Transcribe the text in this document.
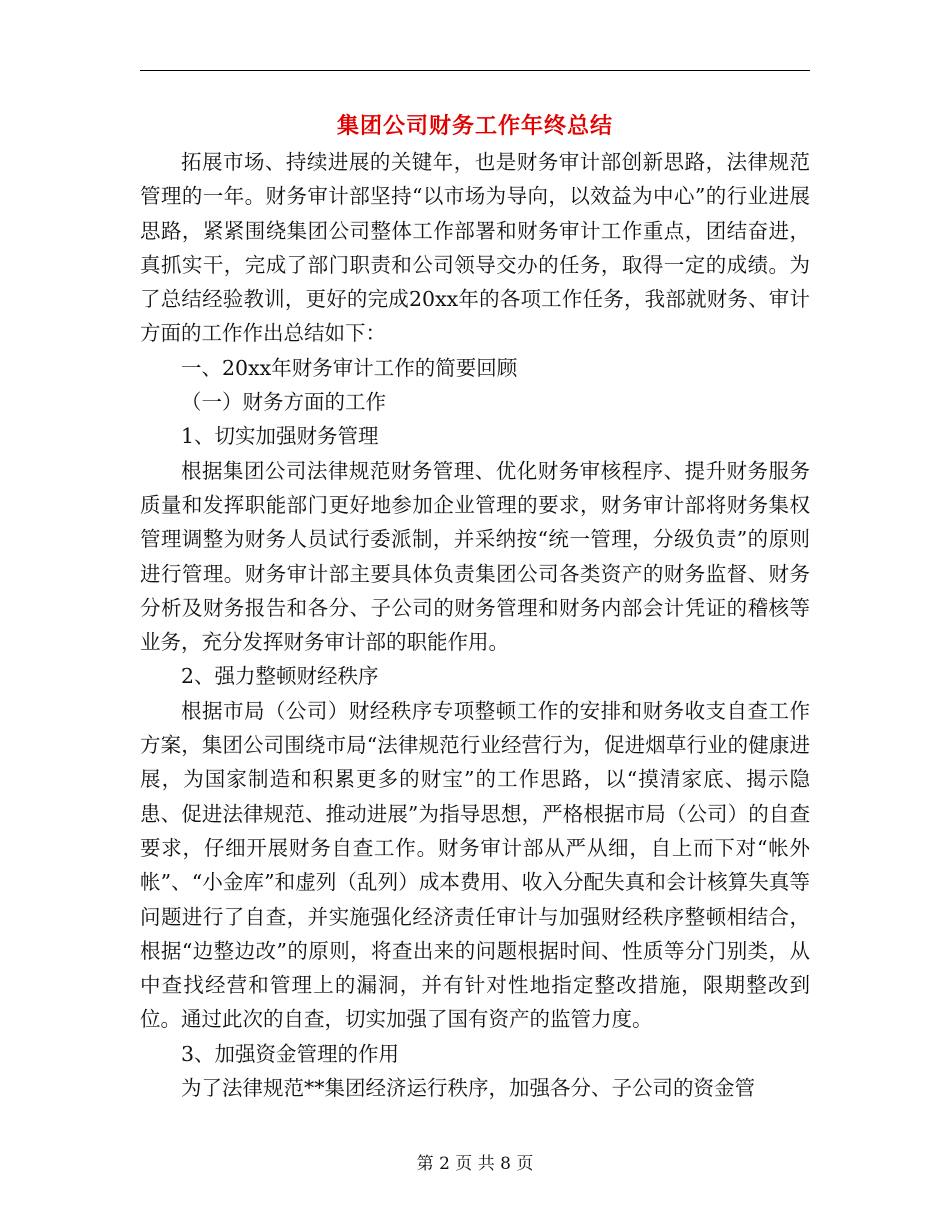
集团公司财务工作年终总结

拓展市场、持续进展的关键年，也是财务审计部创新思路，法律规范管理的一年。财务审计部坚持“以市场为导向，以效益为中心”的行业进展思路，紧紧围绕集团公司整体工作部署和财务审计工作重点，团结奋进，真抓实干，完成了部门职责和公司领导交办的任务，取得一定的成绩。为了总结经验教训，更好的完成20xx年的各项工作任务，我部就财务、审计方面的工作作出总结如下：

一、20xx年财务审计工作的简要回顾

（一）财务方面的工作

1、切实加强财务管理

根据集团公司法律规范财务管理、优化财务审核程序、提升财务服务质量和发挥职能部门更好地参加企业管理的要求，财务审计部将财务集权管理调整为财务人员试行委派制，并采纳按“统一管理，分级负责”的原则进行管理。财务审计部主要具体负责集团公司各类资产的财务监督、财务分析及财务报告和各分、子公司的财务管理和财务内部会计凭证的稽核等业务，充分发挥财务审计部的职能作用。

2、强力整顿财经秩序

根据市局（公司）财经秩序专项整顿工作的安排和财务收支自查工作方案，集团公司围绕市局“法律规范行业经营行为，促进烟草行业的健康进展，为国家制造和积累更多的财宝”的工作思路，以“摸清家底、揭示隐患、促进法律规范、推动进展”为指导思想，严格根据市局（公司）的自查要求，仔细开展财务自查工作。财务审计部从严从细，自上而下对“帐外帐”、“小金库”和虚列（乱列）成本费用、收入分配失真和会计核算失真等问题进行了自查，并实施强化经济责任审计与加强财经秩序整顿相结合，根据“边整边改”的原则，将查出来的问题根据时间、性质等分门别类，从中查找经营和管理上的漏洞，并有针对性地指定整改措施，限期整改到位。通过此次的自查，切实加强了国有资产的监管力度。

3、加强资金管理的作用

为了法律规范**集团经济运行秩序，加强各分、子公司的资金管

第 2 页 共 8 页
